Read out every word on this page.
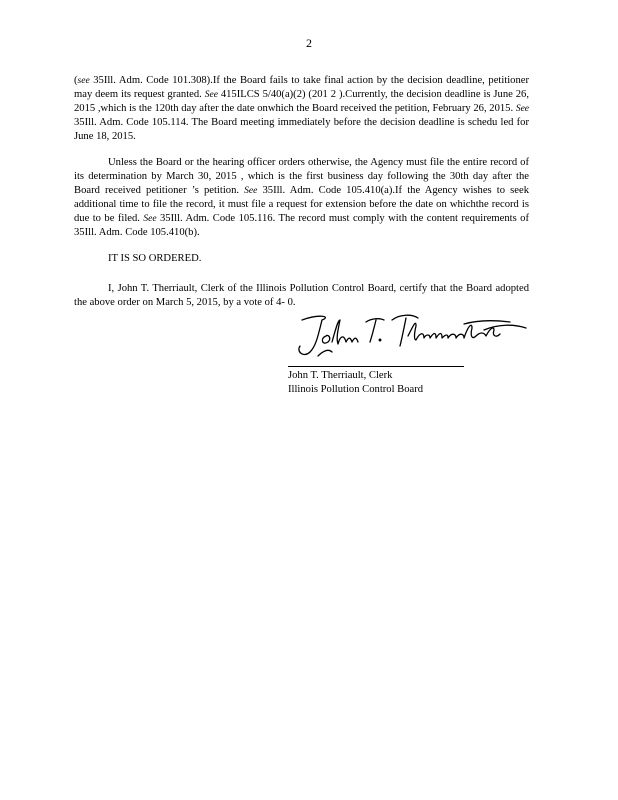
2

(see 35Ill. Adm. Code 101.308).If the Board fails to take final action by the decision deadline, petitioner may deem its request granted. See 415ILCS 5/40(a)(2) (201 2 ).Currently, the decision deadline is June 26, 2015 ,which is the 120th day after the date onwhich the Board received the petition, February 26, 2015. See 35Ill. Adm. Code 105.114. The Board meeting immediately before the decision deadline is schedu led for June 18, 2015.

Unless the Board or the hearing officer orders otherwise, the Agency must file the entire record of its determination by March 30, 2015 , which is the first business day following the 30th day after the Board received petitioner ’s petition. See 35Ill. Adm. Code 105.410(a).If the Agency wishes to seek additional time to file the record, it must file a request for extension before the date on whichthe record is due to be filed. See 35Ill. Adm. Code 105.116. The record must comply with the content requirements of 35Ill. Adm. Code 105.410(b).

IT IS SO ORDERED.

I, John T. Therriault, Clerk of the Illinois Pollution Control Board, certify that the Board adopted the above order on March 5, 2015, by a vote of 4- 0.

John T. Therriault, Clerk
Illinois Pollution Control Board
